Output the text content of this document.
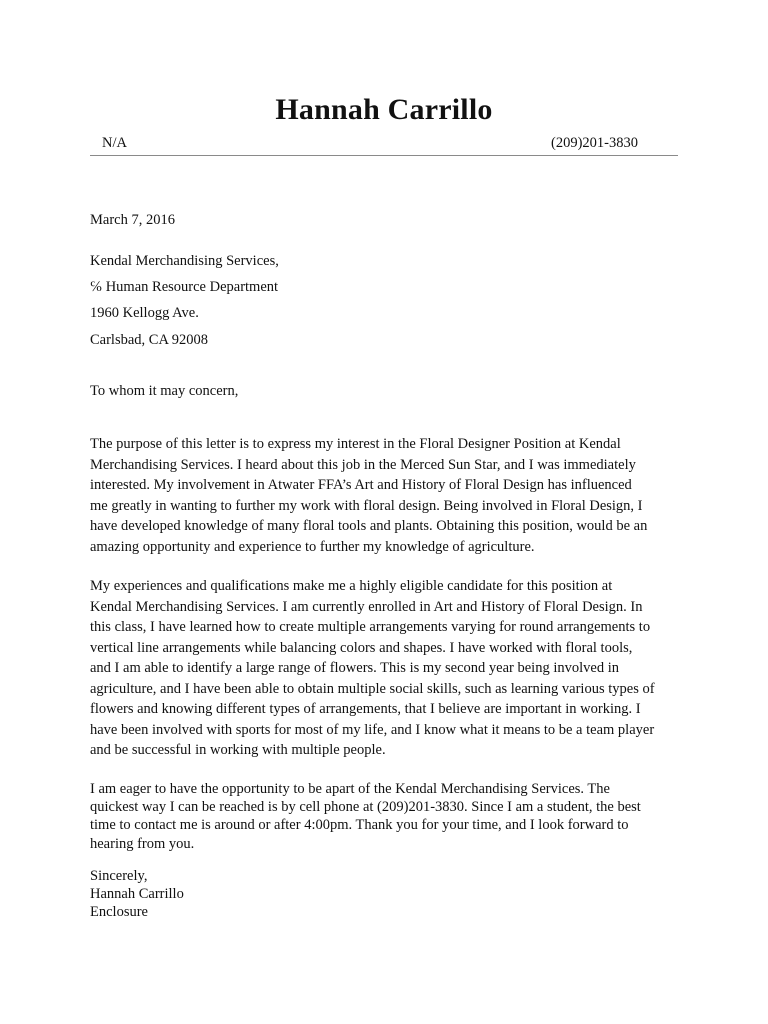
Hannah Carrillo
N/A	(209)201-3830
March 7, 2016
Kendal Merchandising Services,
℅ Human Resource Department
1960 Kellogg Ave.
Carlsbad, CA 92008
To whom it may concern,
The purpose of this letter is to express my interest in the Floral Designer Position at Kendal
Merchandising Services. I heard about this job in the Merced Sun Star, and I was immediately
interested. My involvement in Atwater FFA’s Art and History of Floral Design has influenced
me greatly in wanting to further my work with floral design. Being involved in Floral Design, I
have developed knowledge of many floral tools and plants. Obtaining this position, would be an
amazing opportunity and experience to further my knowledge of agriculture.
My experiences and qualifications make me a highly eligible candidate for this position at
Kendal Merchandising Services. I am currently enrolled in Art and History of Floral Design. In
this class, I have learned how to create multiple arrangements varying for round arrangements to
vertical line arrangements while balancing colors and shapes. I have worked with floral tools,
and I am able to identify a large range of flowers. This is my second year being involved in
agriculture, and I have been able to obtain multiple social skills, such as learning various types of
flowers and knowing different types of arrangements, that I believe are important in working. I
have been involved with sports for most of my life, and I know what it means to be a team player
and be successful in working with multiple people.
I am eager to have the opportunity to be apart of the Kendal Merchandising Services. The
quickest way I can be reached is by cell phone at (209)201-3830. Since I am a student, the best
time to contact me is around or after 4:00pm. Thank you for your time, and I look forward to
hearing from you.
Sincerely,
Hannah Carrillo
Enclosure
